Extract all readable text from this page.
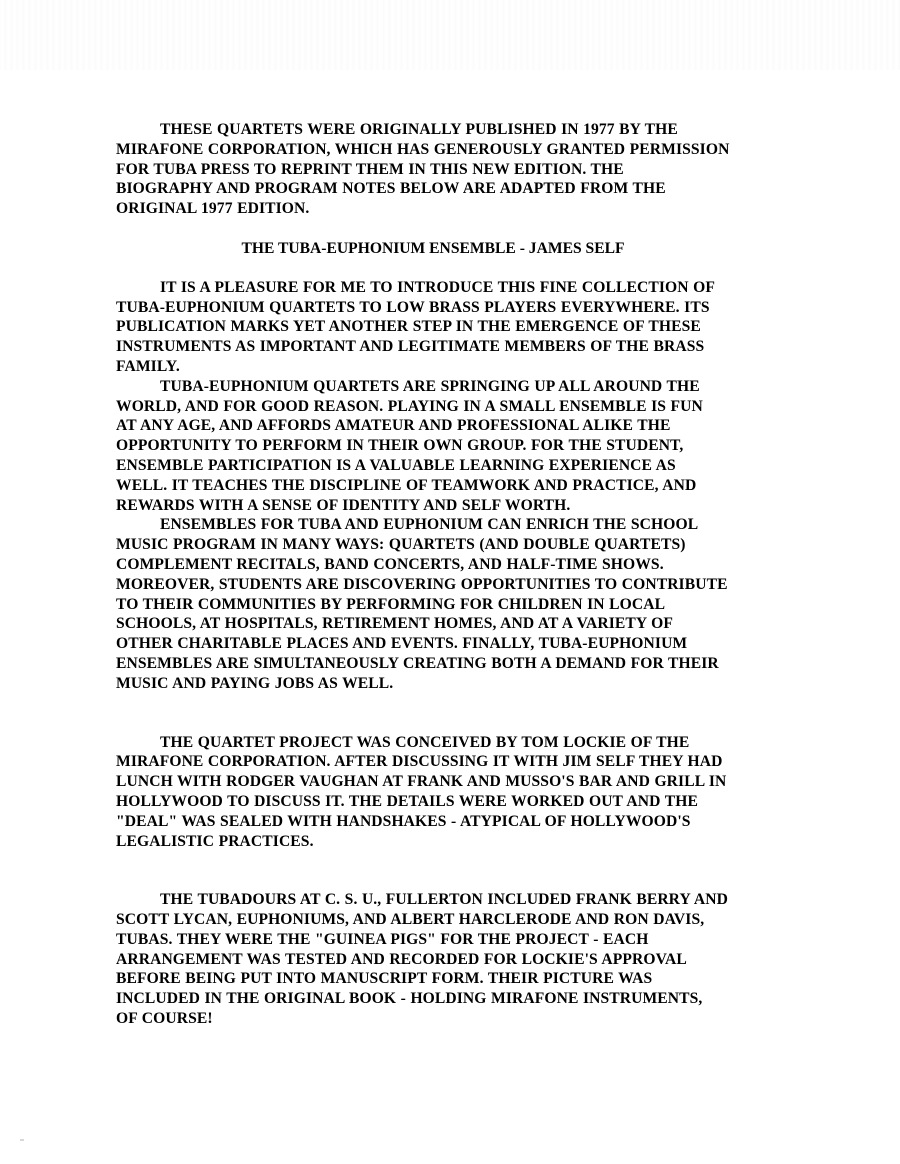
THESE QUARTETS WERE ORIGINALLY PUBLISHED IN 1977 BY THE
MIRAFONE CORPORATION, WHICH HAS GENEROUSLY GRANTED PERMISSION
FOR TUBA PRESS TO REPRINT THEM IN THIS NEW EDITION. THE
BIOGRAPHY AND PROGRAM NOTES BELOW ARE ADAPTED FROM THE
ORIGINAL 1977 EDITION.

THE TUBA-EUPHONIUM ENSEMBLE - JAMES SELF

IT IS A PLEASURE FOR ME TO INTRODUCE THIS FINE COLLECTION OF
TUBA-EUPHONIUM QUARTETS TO LOW BRASS PLAYERS EVERYWHERE. ITS
PUBLICATION MARKS YET ANOTHER STEP IN THE EMERGENCE OF THESE
INSTRUMENTS AS IMPORTANT AND LEGITIMATE MEMBERS OF THE BRASS
FAMILY.

TUBA-EUPHONIUM QUARTETS ARE SPRINGING UP ALL AROUND THE
WORLD, AND FOR GOOD REASON. PLAYING IN A SMALL ENSEMBLE IS FUN
AT ANY AGE, AND AFFORDS AMATEUR AND PROFESSIONAL ALIKE THE
OPPORTUNITY TO PERFORM IN THEIR OWN GROUP. FOR THE STUDENT,
ENSEMBLE PARTICIPATION IS A VALUABLE LEARNING EXPERIENCE AS
WELL. IT TEACHES THE DISCIPLINE OF TEAMWORK AND PRACTICE, AND
REWARDS WITH A SENSE OF IDENTITY AND SELF WORTH.

ENSEMBLES FOR TUBA AND EUPHONIUM CAN ENRICH THE SCHOOL
MUSIC PROGRAM IN MANY WAYS: QUARTETS (AND DOUBLE QUARTETS)
COMPLEMENT RECITALS, BAND CONCERTS, AND HALF-TIME SHOWS.
MOREOVER, STUDENTS ARE DISCOVERING OPPORTUNITIES TO CONTRIBUTE
TO THEIR COMMUNITIES BY PERFORMING FOR CHILDREN IN LOCAL
SCHOOLS, AT HOSPITALS, RETIREMENT HOMES, AND AT A VARIETY OF
OTHER CHARITABLE PLACES AND EVENTS. FINALLY, TUBA-EUPHONIUM
ENSEMBLES ARE SIMULTANEOUSLY CREATING BOTH A DEMAND FOR THEIR
MUSIC AND PAYING JOBS AS WELL.

THE QUARTET PROJECT WAS CONCEIVED BY TOM LOCKIE OF THE
MIRAFONE CORPORATION. AFTER DISCUSSING IT WITH JIM SELF THEY HAD
LUNCH WITH RODGER VAUGHAN AT FRANK AND MUSSO'S BAR AND GRILL IN
HOLLYWOOD TO DISCUSS IT. THE DETAILS WERE WORKED OUT AND THE
"DEAL" WAS SEALED WITH HANDSHAKES - ATYPICAL OF HOLLYWOOD'S
LEGALISTIC PRACTICES.

THE TUBADOURS AT C. S. U., FULLERTON INCLUDED FRANK BERRY AND
SCOTT LYCAN, EUPHONIUMS, AND ALBERT HARCLERODE AND RON DAVIS,
TUBAS. THEY WERE THE "GUINEA PIGS" FOR THE PROJECT - EACH
ARRANGEMENT WAS TESTED AND RECORDED FOR LOCKIE'S APPROVAL
BEFORE BEING PUT INTO MANUSCRIPT FORM. THEIR PICTURE WAS
INCLUDED IN THE ORIGINAL BOOK - HOLDING MIRAFONE INSTRUMENTS,
OF COURSE!
